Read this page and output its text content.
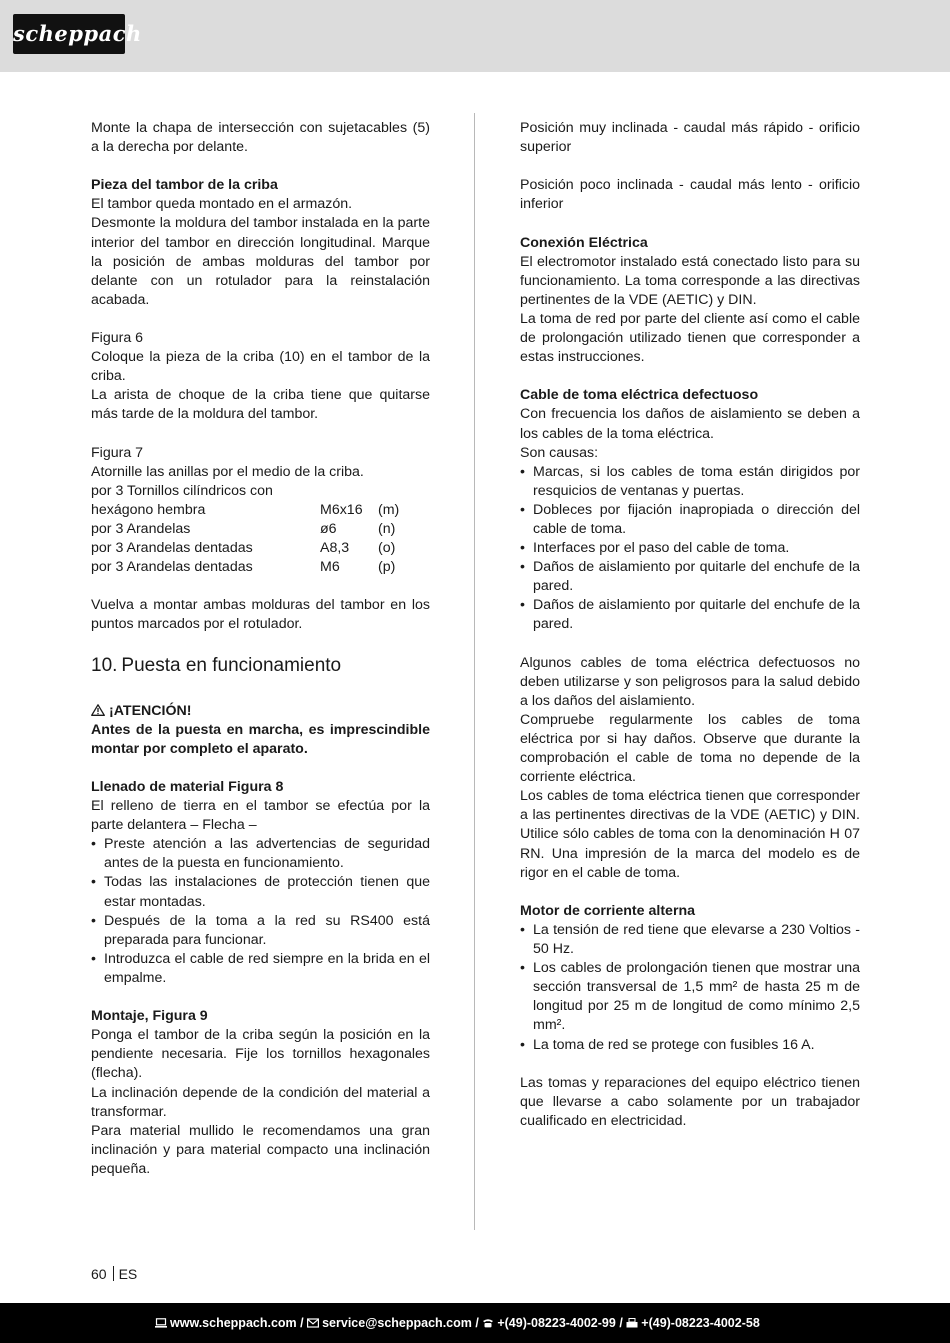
scheppach
Monte la chapa de intersección con sujetacables (5) a la derecha por delante.
Pieza del tambor de la criba
El tambor queda montado en el armazón.
Desmonte la moldura del tambor instalada en la parte interior del tambor en dirección longitudinal. Marque la posición de ambas molduras del tambor por delante con un rotulador para la reinstalación acabada.
Figura 6
Coloque la pieza de la criba (10) en el tambor de la criba.
La arista de choque de la criba tiene que quitarse más tarde de la moldura del tambor.
Figura 7
Atornille las anillas por el medio de la criba.
por 3 Tornillos cilíndricos con
hexágono hembra	M6x16	(m)
por 3 Arandelas	ø6	(n)
por 3 Arandelas dentadas	A8,3	(o)
por 3 Arandelas dentadas	M6	(p)
Vuelva a montar ambas molduras del tambor en los puntos marcados por el rotulador.
10. Puesta en funcionamiento
¡ATENCIÓN!
Antes de la puesta en marcha, es imprescindible montar por completo el aparato.
Llenado de material Figura 8
El relleno de tierra en el tambor se efectúa por la parte delantera – Flecha –
• Preste atención a las advertencias de seguridad antes de la puesta en funcionamiento.
• Todas las instalaciones de protección tienen que estar montadas.
• Después de la toma a la red su RS400 está preparada para funcionar.
• Introduzca el cable de red siempre en la brida en el empalme.
Montaje, Figura 9
Ponga el tambor de la criba según la posición en la pendiente necesaria. Fije los tornillos hexagonales (flecha).
La inclinación depende de la condición del material a transformar.
Para material mullido le recomendamos una gran inclinación y para material compacto una inclinación pequeña.
Posición muy inclinada - caudal más rápido - orificio superior
Posición poco inclinada - caudal más lento - orificio inferior
Conexión Eléctrica
El electromotor instalado está conectado listo para su funcionamiento. La toma corresponde a las directivas pertinentes de la VDE (AETIC) y DIN.
La toma de red por parte del cliente así como el cable de prolongación utilizado tienen que corresponder a estas instrucciones.
Cable de toma eléctrica defectuoso
Con frecuencia los daños de aislamiento se deben a los cables de la toma eléctrica.
Son causas:
• Marcas, si los cables de toma están dirigidos por resquicios de ventanas y puertas.
• Dobleces por fijación inapropiada o dirección del cable de toma.
• Interfaces por el paso del cable de toma.
• Daños de aislamiento por quitarle del enchufe de la pared.
• Daños de aislamiento por quitarle del enchufe de la pared.
Algunos cables de toma eléctrica defectuosos no deben utilizarse y son peligrosos para la salud debido a los daños del aislamiento.
Compruebe regularmente los cables de toma eléctrica por si hay daños. Observe que durante la comprobación el cable de toma no depende de la corriente eléctrica.
Los cables de toma eléctrica tienen que corresponder a las pertinentes directivas de la VDE (AETIC) y DIN. Utilice sólo cables de toma con la denominación H 07 RN. Una impresión de la marca del modelo es de rigor en el cable de toma.
Motor de corriente alterna
• La tensión de red tiene que elevarse a 230 Voltios - 50 Hz.
• Los cables de prolongación tienen que mostrar una sección transversal de 1,5 mm² de hasta 25 m de longitud por 25 m de longitud de como mínimo 2,5 mm².
• La toma de red se protege con fusibles 16 A.
Las tomas y reparaciones del equipo eléctrico tienen que llevarse a cabo solamente por un trabajador cualificado en electricidad.
60 ES
www.scheppach.com / service@scheppach.com / +(49)-08223-4002-99 / +(49)-08223-4002-58
